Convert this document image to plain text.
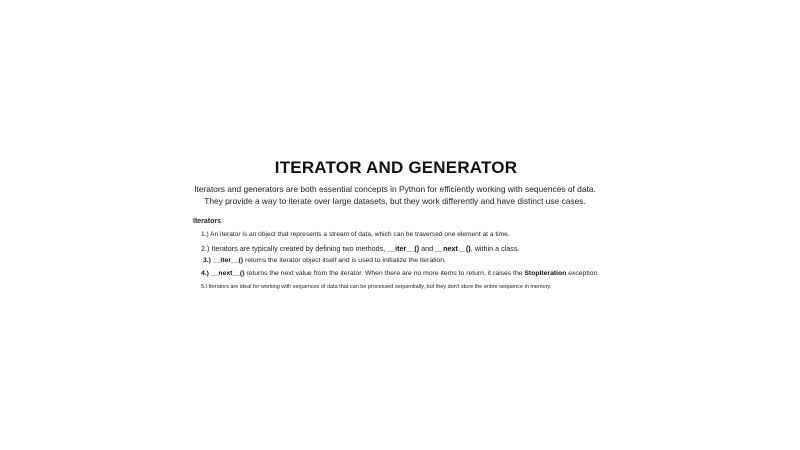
ITERATOR AND GENERATOR
Iterators and generators are both essential concepts in Python for efficiently working with sequences of data.
They provide a way to iterate over large datasets, but they work differently and have distinct use cases.
Iterators:
1.) An iterator is an object that represents a stream of data, which can be traversed one element at a time.
2.) Iterators are typically created by defining two methods, __iter__() and __next__(), within a class.
3.) __iter__() returns the iterator object itself and is used to initialize the iteration.
4.) __next__() returns the next value from the iterator. When there are no more items to return, it raises the StopIteration exception.
5.I Iterators are ideal for working with sequences of data that can be processed sequentially, but they don't store the entire sequence in memory.
